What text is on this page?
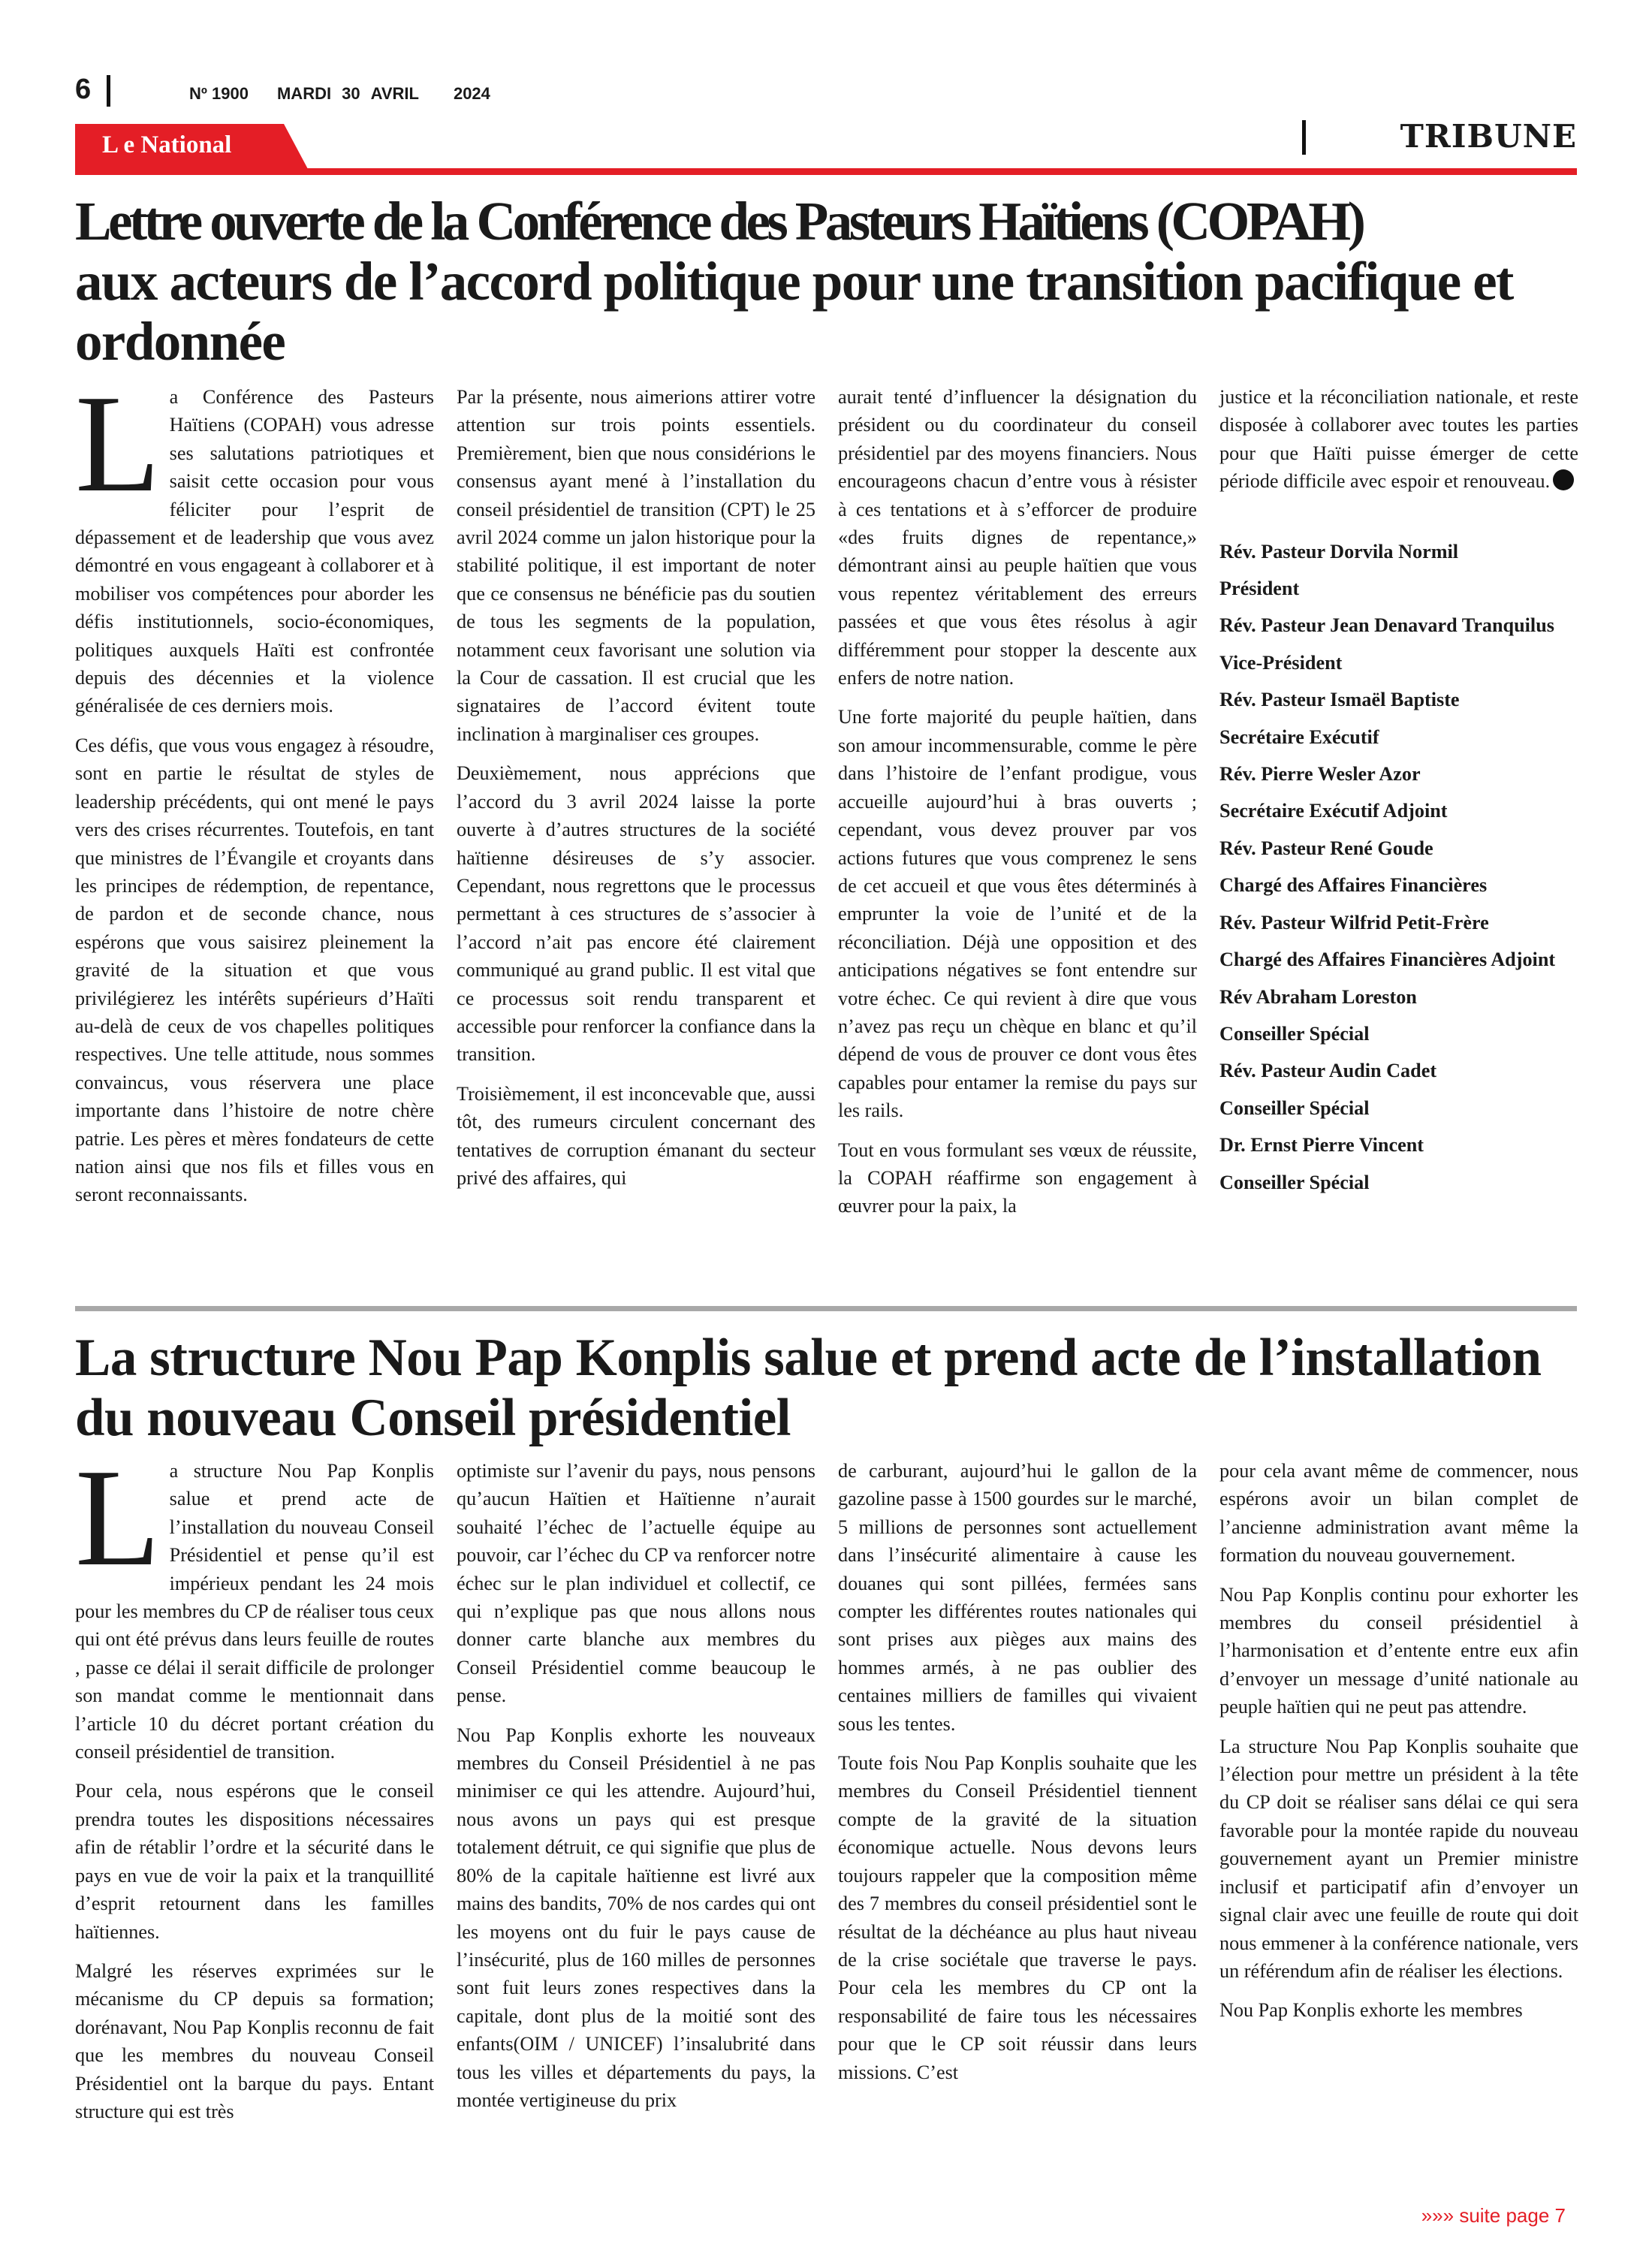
6	Nº 1900 MARDI 30 AVRIL 2024
L e National	TRIBUNE
Lettre ouverte de la Conférence des Pasteurs Haïtiens (COPAH)
aux acteurs de l’accord politique pour une transition pacifique et ordonnée

La Conférence des Pasteurs Haïtiens (COPAH) vous adresse ses salutations patriotiques et saisit cette occasion pour vous féliciter pour l’esprit de dépassement et de leadership que vous avez démontré en vous engageant à collaborer et à mobiliser vos compétences pour aborder les défis institutionnels, socio-économiques, politiques auxquels Haïti est confrontée depuis des décennies et la violence généralisée de ces derniers mois.

Ces défis, que vous vous engagez à résoudre, sont en partie le résultat de styles de leadership précédents, qui ont mené le pays vers des crises récurrentes. Toutefois, en tant que ministres de l’Évangile et croyants dans les principes de rédemption, de repentance, de pardon et de seconde chance, nous espérons que vous saisirez pleinement la gravité de la situation et que vous privilégierez les intérêts supérieurs d’Haïti au-delà de ceux de vos chapelles politiques respectives. Une telle attitude, nous sommes convaincus, vous réservera une place importante dans l’histoire de notre chère patrie. Les pères et mères fondateurs de cette nation ainsi que nos fils et filles vous en seront reconnaissants.

Par la présente, nous aimerions attirer votre attention sur trois points essentiels. Premièrement, bien que nous considérions le consensus ayant mené à l’installation du conseil présidentiel de transition (CPT) le 25 avril 2024 comme un jalon historique pour la stabilité politique, il est important de noter que ce consensus ne bénéficie pas du soutien de tous les segments de la population, notamment ceux favorisant une solution via la Cour de cassation. Il est crucial que les signataires de l’accord évitent toute inclination à marginaliser ces groupes.

Deuxièmement, nous apprécions que l’accord du 3 avril 2024 laisse la porte ouverte à d’autres structures de la société haïtienne désireuses de s’y associer. Cependant, nous regrettons que le processus permettant à ces structures de s’associer à l’accord n’ait pas encore été clairement communiqué au grand public. Il est vital que ce processus soit rendu transparent et accessible pour renforcer la confiance dans la transition.

Troisièmement, il est inconcevable que, aussi tôt, des rumeurs circulent concernant des tentatives de corruption émanant du secteur privé des affaires, qui

aurait tenté d’influencer la désignation du président ou du coordinateur du conseil présidentiel par des moyens financiers. Nous encourageons chacun d’entre vous à résister à ces tentations et à s’efforcer de produire «des fruits dignes de repentance,» démontrant ainsi au peuple haïtien que vous vous repentez véritablement des erreurs passées et que vous êtes résolus à agir différemment pour stopper la descente aux enfers de notre nation.

Une forte majorité du peuple haïtien, dans son amour incommensurable, comme le père dans l’histoire de l’enfant prodigue, vous accueille aujourd’hui à bras ouverts ; cependant, vous devez prouver par vos actions futures que vous comprenez le sens de cet accueil et que vous êtes déterminés à emprunter la voie de l’unité et de la réconciliation. Déjà une opposition et des anticipations négatives se font entendre sur votre échec. Ce qui revient à dire que vous n’avez pas reçu un chèque en blanc et qu’il dépend de vous de prouver ce dont vous êtes capables pour entamer la remise du pays sur les rails.

Tout en vous formulant ses vœux de réussite, la COPAH réaffirme son engagement à œuvrer pour la paix, la

justice et la réconciliation nationale, et reste disposée à collaborer avec toutes les parties pour que Haïti puisse émerger de cette période difficile avec espoir et renouveau.

Rév. Pasteur Dorvila Normil

Président

Rév. Pasteur Jean Denavard Tranquilus

Vice-Président

Rév. Pasteur Ismaël Baptiste

Secrétaire Exécutif

Rév. Pierre Wesler Azor

Secrétaire Exécutif Adjoint

Rév. Pasteur René Goude

Chargé des Affaires Financières

Rév. Pasteur Wilfrid Petit-Frère

Chargé des Affaires Financières Adjoint

Rév Abraham Loreston

Conseiller Spécial

Rév. Pasteur Audin Cadet

Conseiller Spécial

Dr. Ernst Pierre Vincent

Conseiller Spécial

La structure Nou Pap Konplis salue et prend acte de l’installation du nouveau Conseil présidentiel

La structure Nou Pap Konplis salue et prend acte de l’installation du nouveau Conseil Présidentiel et pense qu’il est impérieux pendant les 24 mois pour les membres du CP de réaliser tous ceux qui ont été prévus dans leurs feuille de routes , passe ce délai il serait difficile de prolonger son mandat comme le mentionnait dans l’article 10 du décret portant création du conseil présidentiel de transition.

Pour cela, nous espérons que le conseil prendra toutes les dispositions nécessaires afin de rétablir l’ordre et la sécurité dans le pays en vue de voir la paix et la tranquillité d’esprit retournent dans les familles haïtiennes.

Malgré les réserves exprimées sur le mécanisme du CP depuis sa formation; dorénavant, Nou Pap Konplis reconnu de fait que les membres du nouveau Conseil Présidentiel ont la barque du pays. Entant structure qui est très

optimiste sur l’avenir du pays, nous pensons qu’aucun Haïtien et Haïtienne n’aurait souhaité l’échec de l’actuelle équipe au pouvoir, car l’échec du CP va renforcer notre échec sur le plan individuel et collectif, ce qui n’explique pas que nous allons nous donner carte blanche aux membres du Conseil Présidentiel comme beaucoup le pense.

Nou Pap Konplis exhorte les nouveaux membres du Conseil Présidentiel à ne pas minimiser ce qui les attendre. Aujourd’hui, nous avons un pays qui est presque totalement détruit, ce qui signifie que plus de 80% de la capitale haïtienne est livré aux mains des bandits, 70% de nos cardes qui ont les moyens ont du fuir le pays cause de l’insécurité, plus de 160 milles de personnes sont fuit leurs zones respectives dans la capitale, dont plus de la moitié sont des enfants(OIM / UNICEF) l’insalubrité dans tous les villes et départements du pays, la montée vertigineuse du prix

de carburant, aujourd’hui le gallon de la gazoline passe à 1500 gourdes sur le marché, 5 millions de personnes sont actuellement dans l’insécurité alimentaire à cause les douanes qui sont pillées, fermées sans compter les différentes routes nationales qui sont prises aux pièges aux mains des hommes armés, à ne pas oublier des centaines milliers de familles qui vivaient sous les tentes.

Toute fois Nou Pap Konplis souhaite que les membres du Conseil Présidentiel tiennent compte de la gravité de la situation économique actuelle. Nous devons leurs toujours rappeler que la composition même des 7 membres du conseil présidentiel sont le résultat de la déchéance au plus haut niveau de la crise sociétale que traverse le pays. Pour cela les membres du CP ont la responsabilité de faire tous les nécessaires pour que le CP soit réussir dans leurs missions. C’est

pour cela avant même de commencer, nous espérons avoir un bilan complet de l’ancienne administration avant même la formation du nouveau gouvernement.

Nou Pap Konplis continu pour exhorter les membres du conseil présidentiel à l’harmonisation et d’entente entre eux afin d’envoyer un message d’unité nationale au peuple haïtien qui ne peut pas attendre.

La structure Nou Pap Konplis souhaite que l’élection pour mettre un président à la tête du CP doit se réaliser sans délai ce qui sera favorable pour la montée rapide du nouveau gouvernement ayant un Premier ministre inclusif et participatif afin d’envoyer un signal clair avec une feuille de route qui doit nous emmener à la conférence nationale, vers un référendum afin de réaliser les élections.

Nou Pap Konplis exhorte les membres

»»» suite page 7
